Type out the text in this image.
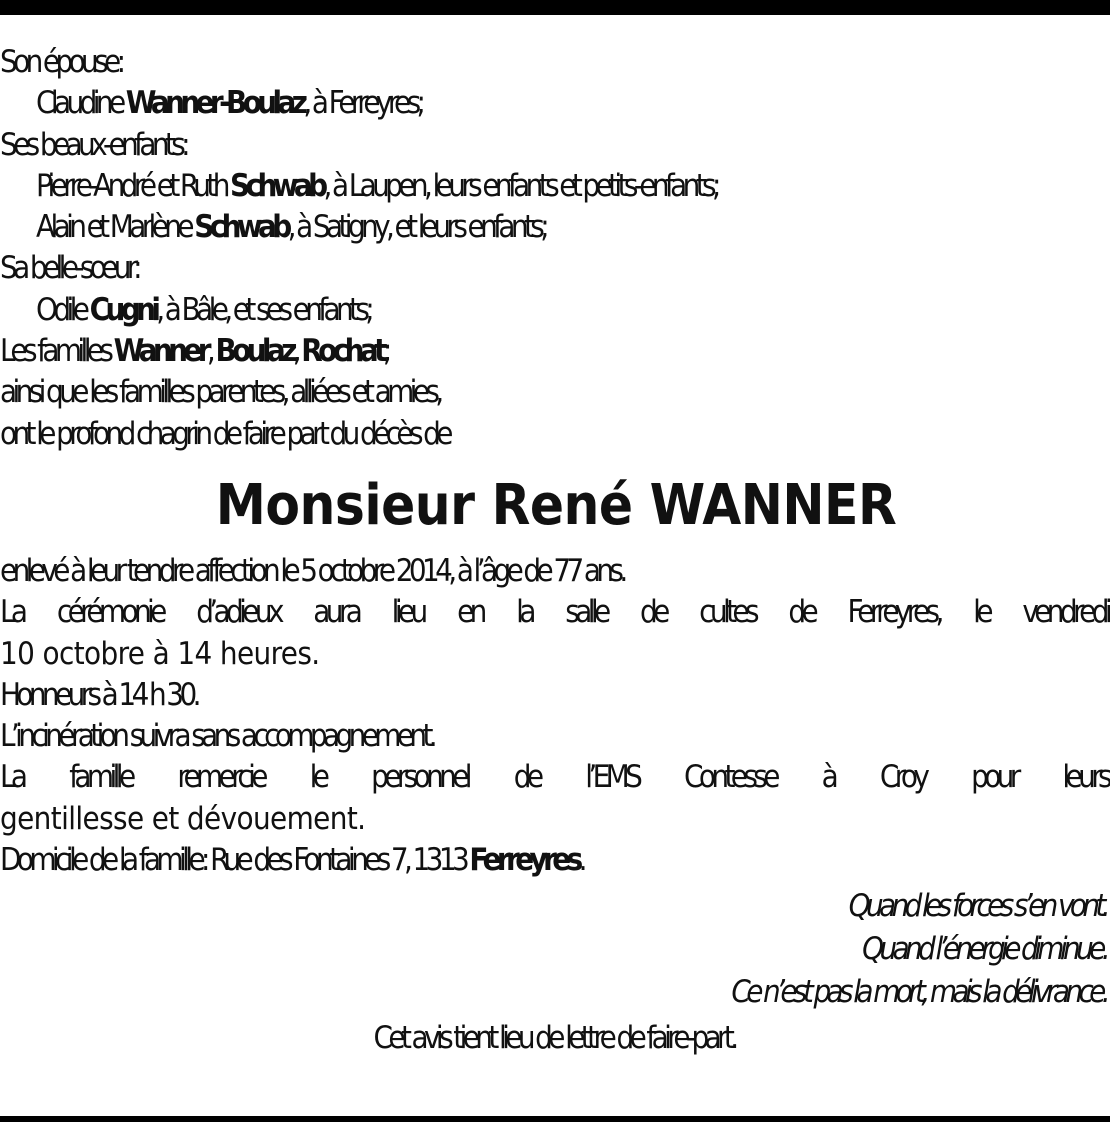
Son épouse:
Claudine Wanner-Boulaz, à Ferreyres;
Ses beaux-enfants:
Pierre-André et Ruth Schwab, à Laupen, leurs enfants et petits-enfants;
Alain et Marlène Schwab, à Satigny, et leurs enfants;
Sa belle-sœur:
Odile Cugni, à Bâle, et ses enfants;
Les familles Wanner, Boulaz, Rochat;
ainsi que les familles parentes, alliées et amies,
ont le profond chagrin de faire part du décès de
Monsieur René WANNER
enlevé à leur tendre affection le 5 octobre 2014, à l’âge de 77 ans.
La cérémonie d’adieux aura lieu en la salle de cultes de Ferreyres, le vendredi
10 octobre à 14 heures.
Honneurs à 14 h 30.
L’incinération suivra sans accompagnement.
La famille remercie le personnel de l’EMS Contesse à Croy pour leurs
gentillesse et dévouement.
Domicile de la famille: Rue des Fontaines 7, 1313 Ferreyres.
Quand les forces s’en vont.
Quand l’énergie diminue.
Ce n’est pas la mort, mais la délivrance.
Cet avis tient lieu de lettre de faire-part.
